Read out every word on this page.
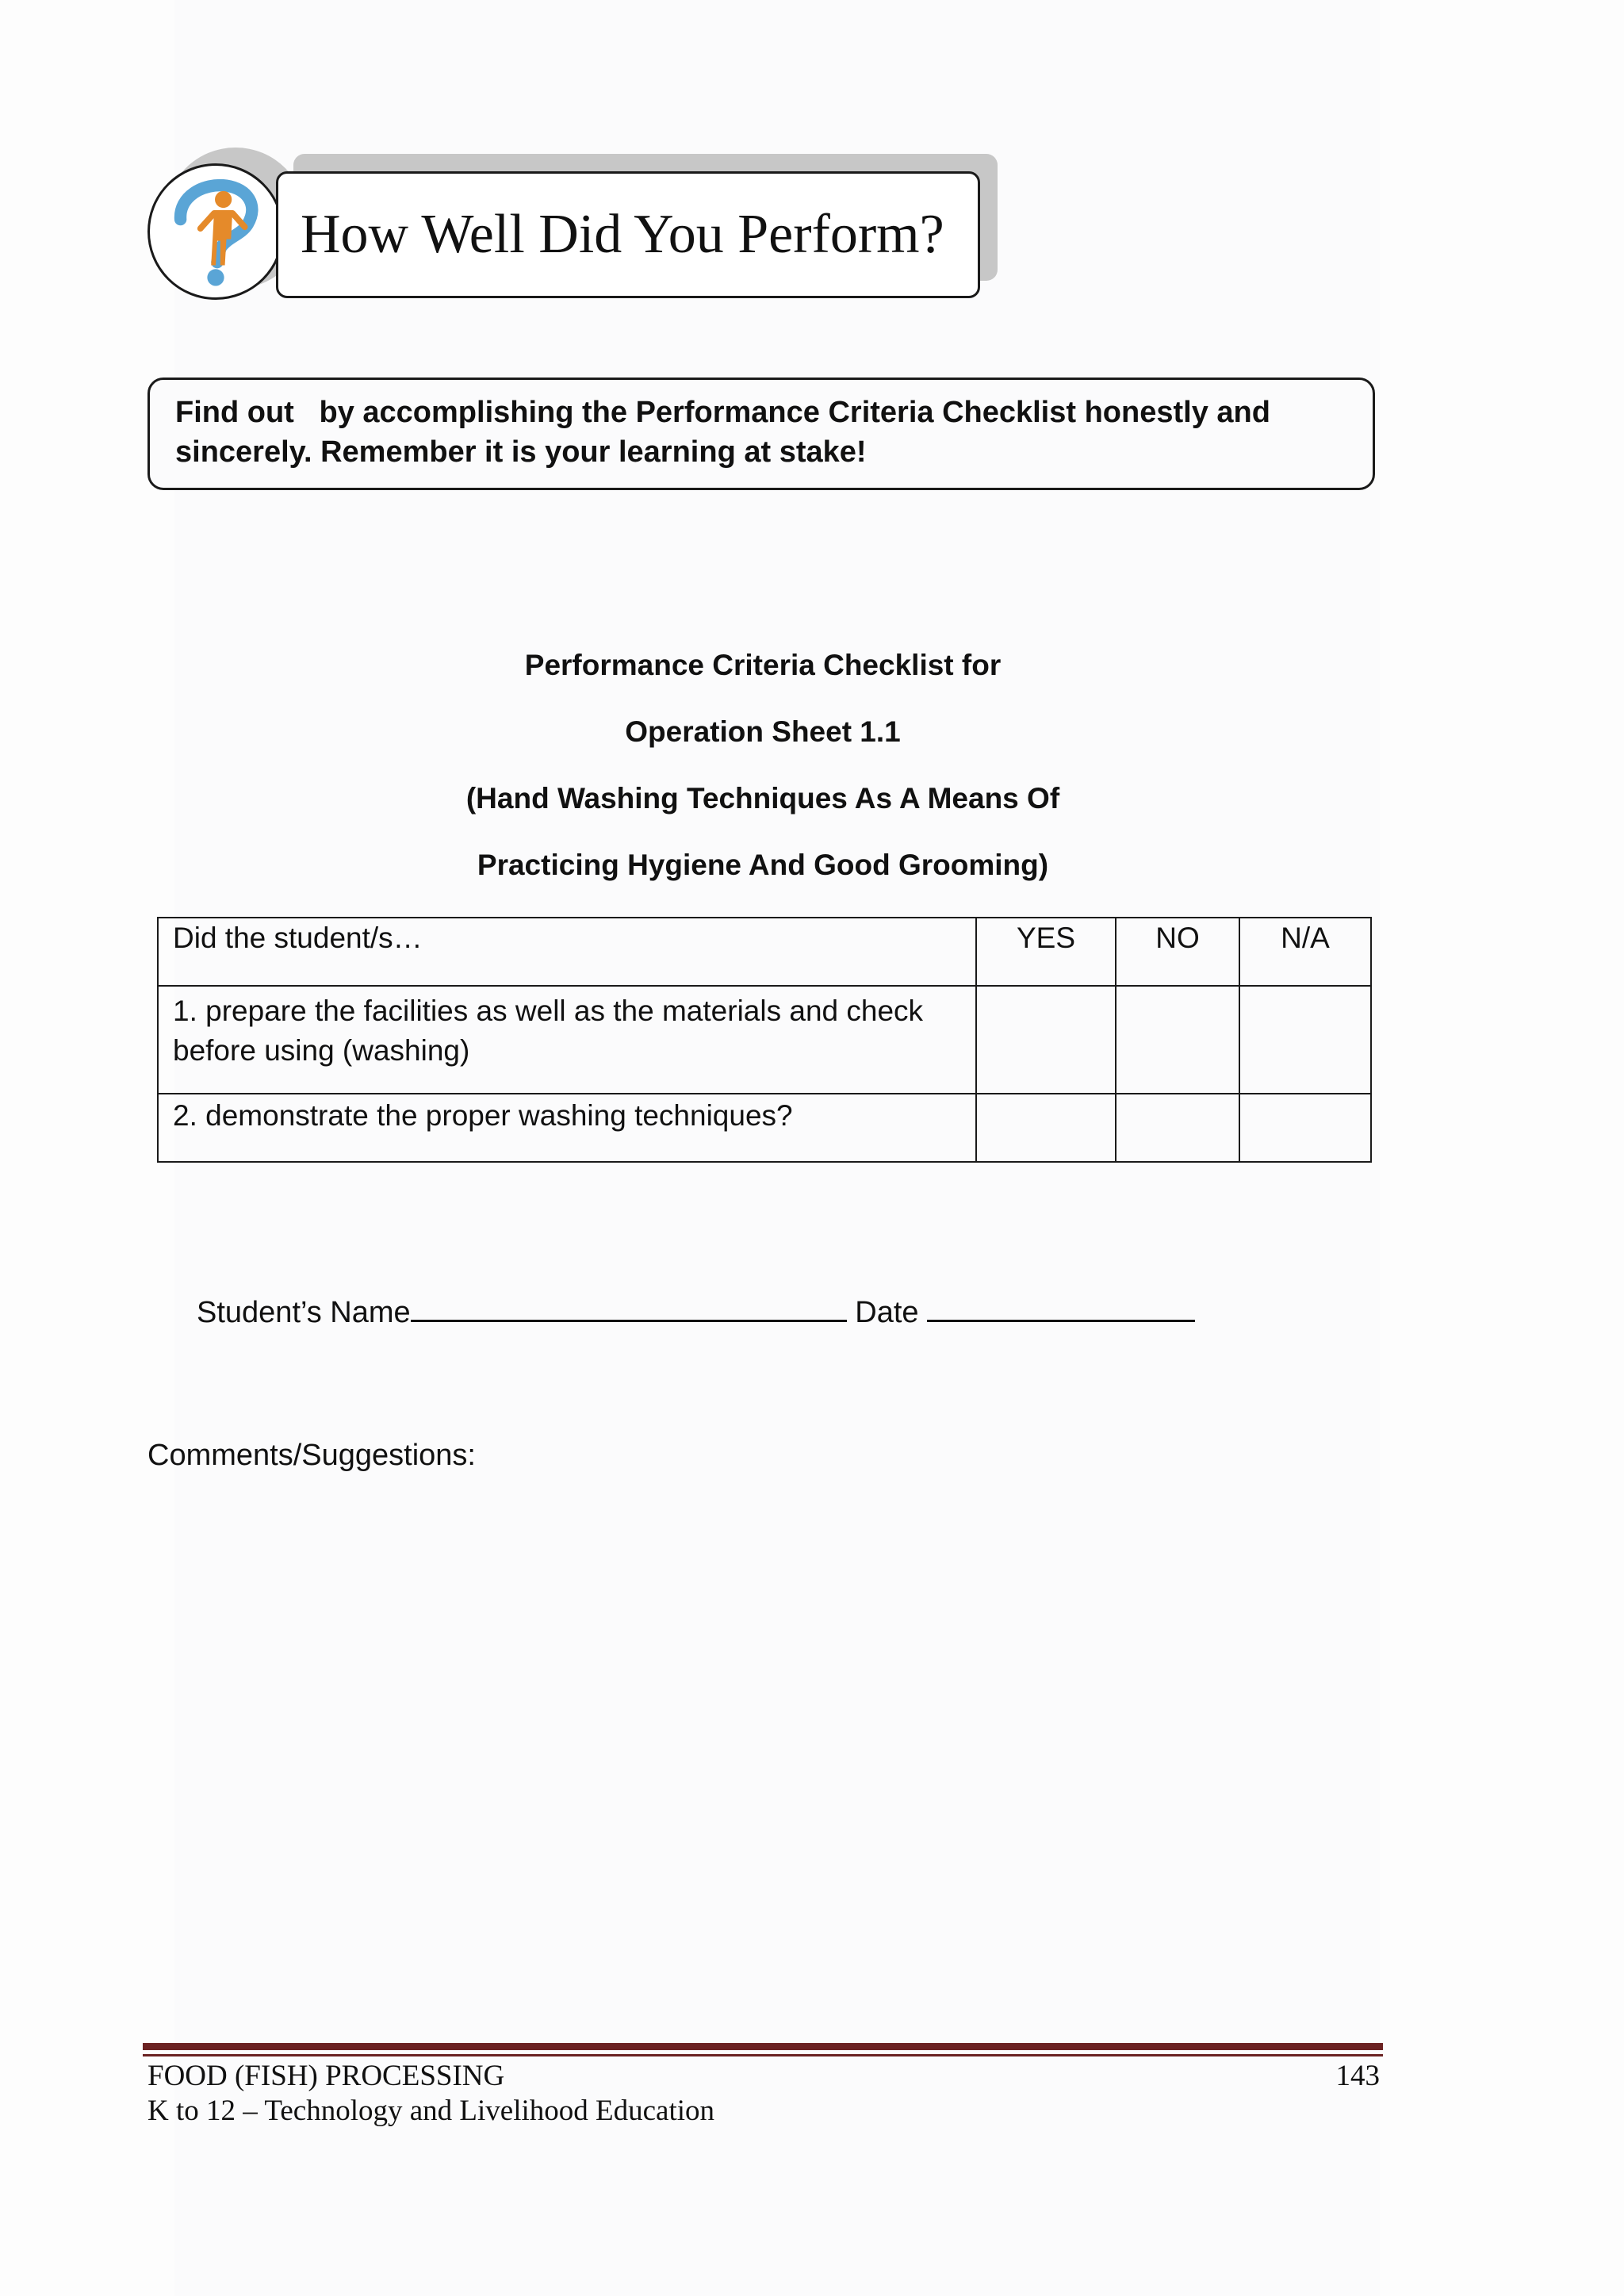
How Well Did You Perform?

Find out   by accomplishing the Performance Criteria Checklist honestly and

sincerely. Remember it is your learning at stake!

Performance Criteria Checklist for
Operation Sheet 1.1
(Hand Washing Techniques As A Means Of
Practicing Hygiene And Good Grooming)
Did the student/s…	YES	NO	N/A

1. prepare the facilities as well as the materials and check
before using (washing)			

2. demonstrate the proper washing techniques?			

Student’s Name	Date
Comments/Suggestions:
FOOD (FISH) PROCESSING
K to 12 – Technology and Livelihood Education
143
